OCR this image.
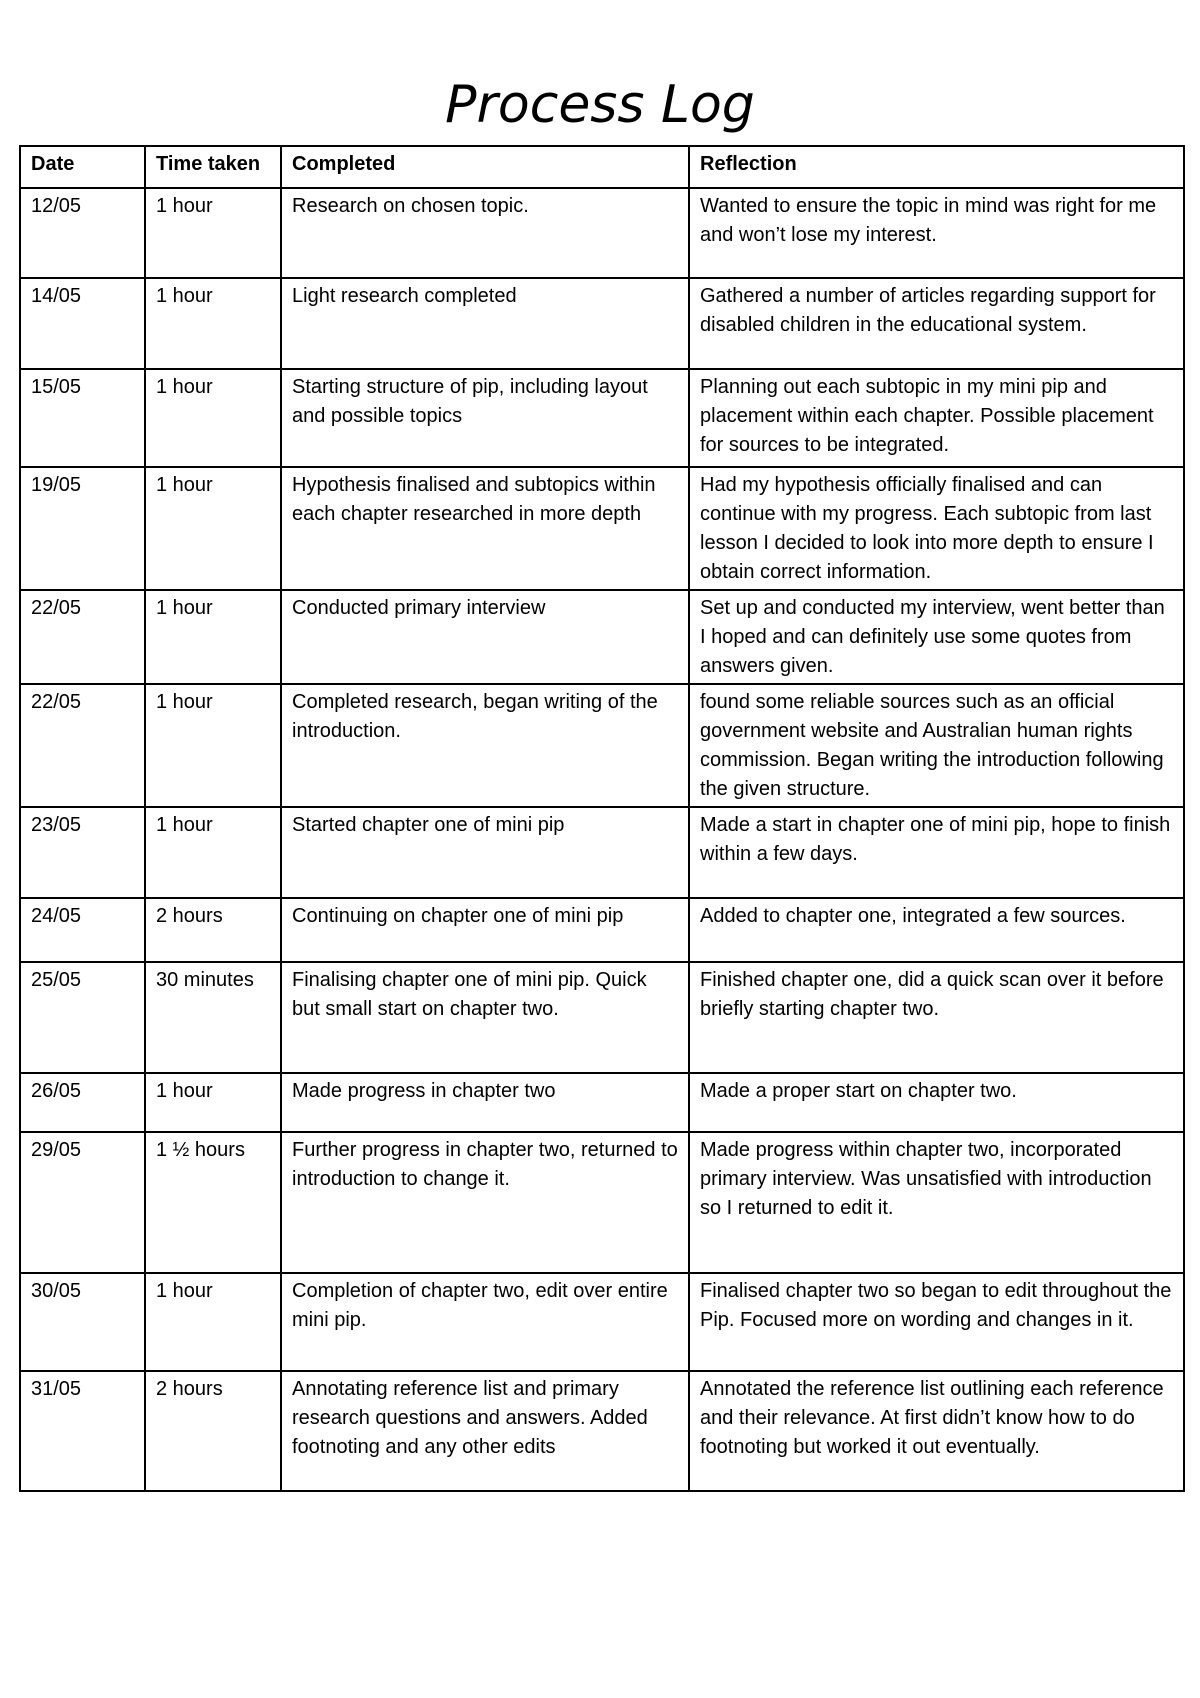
Process Log
Date	Time taken	Completed	Reflection
12/05	1 hour	Research on chosen topic.	Wanted to ensure the topic in mind was right for me and won’t lose my interest.
14/05	1 hour	Light research completed	Gathered a number of articles regarding support for disabled children in the educational system.
15/05	1 hour	Starting structure of pip, including layout and possible topics	Planning out each subtopic in my mini pip and placement within each chapter. Possible placement for sources to be integrated.
19/05	1 hour	Hypothesis finalised and subtopics within each chapter researched in more depth	Had my hypothesis officially finalised and can continue with my progress. Each subtopic from last lesson I decided to look into more depth to ensure I obtain correct information.
22/05	1 hour	Conducted primary interview	Set up and conducted my interview, went better than I hoped and can definitely use some quotes from answers given.
22/05	1 hour	Completed research, began writing of the introduction.	found some reliable sources such as an official government website and Australian human rights commission. Began writing the introduction following the given structure.
23/05	1 hour	Started chapter one of mini pip	Made a start in chapter one of mini pip, hope to finish within a few days.
24/05	2 hours	Continuing on chapter one of mini pip	Added to chapter one, integrated a few sources.
25/05	30 minutes	Finalising chapter one of mini pip. Quick but small start on chapter two.	Finished chapter one, did a quick scan over it before briefly starting chapter two.
26/05	1 hour	Made progress in chapter two	Made a proper start on chapter two.
29/05	1 ½ hours	Further progress in chapter two, returned to introduction to change it.	Made progress within chapter two, incorporated primary interview. Was unsatisfied with introduction so I returned to edit it.
30/05	1 hour	Completion of chapter two, edit over entire mini pip.	Finalised chapter two so began to edit throughout the Pip. Focused more on wording and changes in it.
31/05	2 hours	Annotating reference list and primary research questions and answers. Added footnoting and any other edits	Annotated the reference list outlining each reference and their relevance. At first didn’t know how to do footnoting but worked it out eventually.
